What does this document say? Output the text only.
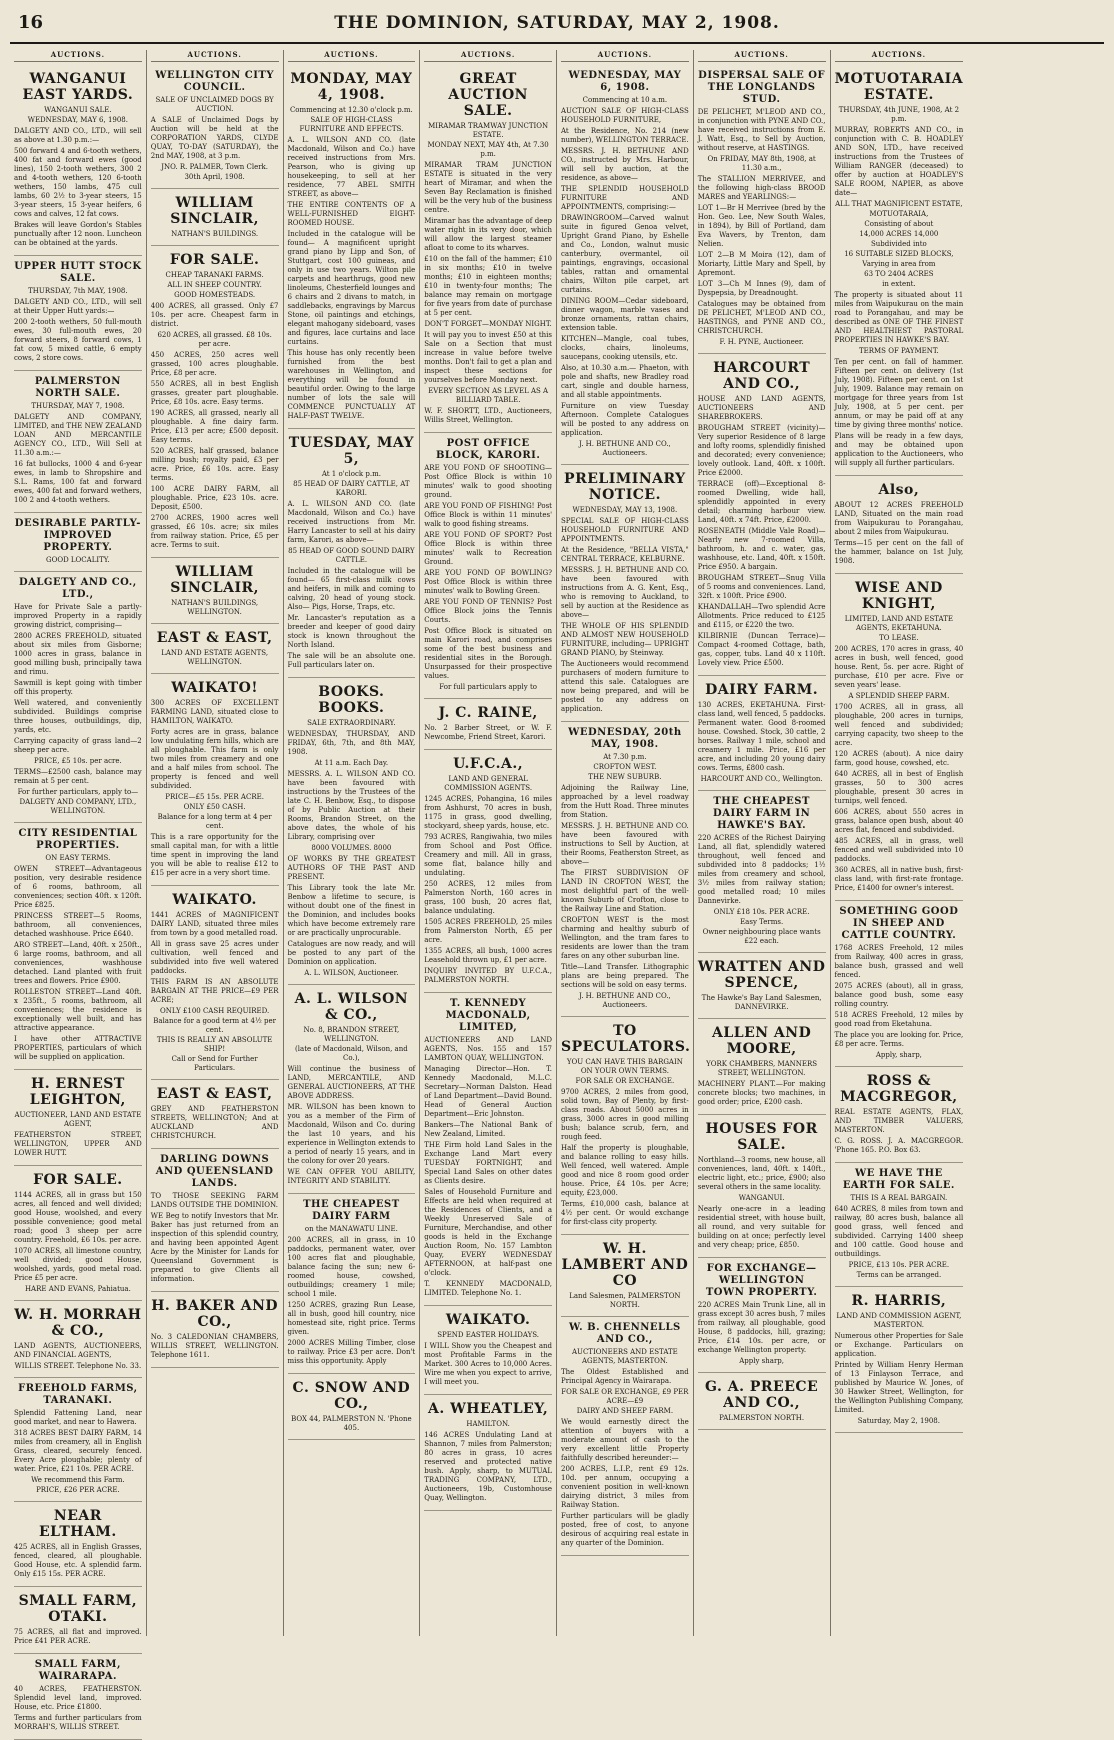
16	THE DOMINION, SATURDAY, MAY 2, 1908.
AUCTIONS.
WANGANUI EAST YARDS.
WANGANUI SALE.
WEDNESDAY, MAY 6, 1908.
DALGETY AND CO., LTD., will sell as above at 1.30 p.m.:—
500 forward 4 and 6-tooth wethers, 400 fat and forward ewes (good lines), 150 2-tooth wethers, 300 2 and 4-tooth wethers, 120 6-tooth wethers, 150 lambs, 475 cull lambs, 60 2½ to 3-year steers, 15 3-year steers, 15 3-year heifers, 6 cows and calves, 12 fat cows.
Brakes will leave Gordon's Stables punctually after 12 noon. Luncheon can be obtained at the yards.
UPPER HUTT STOCK SALE.
THURSDAY, 7th MAY, 1908.
DALGETY AND CO., LTD., will sell at their Upper Hutt yards:—
200 2-tooth wethers, 50 full-mouth ewes, 30 full-mouth ewes, 20 forward steers, 8 forward cows, 1 fat cow, 5 mixed cattle, 6 empty cows, 2 store cows.
PALMERSTON NORTH SALE.
THURSDAY, MAY 7, 1908.
DALGETY AND COMPANY, LIMITED, and THE NEW ZEALAND LOAN AND MERCANTILE AGENCY CO., LTD., Will Sell at 11.30 a.m.:—
16 fat bullocks, 1000 4 and 6-year ewes, in lamb to Shropshire and S.L. Rams, 100 fat and forward ewes, 400 fat and forward wethers, 100 2 and 4-tooth wethers.
DESIRABLE PARTLY-IMPROVED PROPERTY.
GOOD LOCALITY.
DALGETY AND CO., LTD.,
Have for Private Sale a partly-improved Property in a rapidly growing district, comprising—
2800 ACRES FREEHOLD, situated about six miles from Gisborne; 1000 acres in grass, balance in good milling bush, principally tawa and rimu.
Sawmill is kept going with timber off this property.
Well watered, and conveniently subdivided. Buildings comprise three houses, outbuildings, dip, yards, etc.
Carrying capacity of grass land—2 sheep per acre.
PRICE, £5 10s. per acre.
TERMS—£2500 cash, balance may remain at 5 per cent.
For further particulars, apply to—
DALGETY AND COMPANY, LTD., WELLINGTON.
CITY RESIDENTIAL PROPERTIES.
ON EASY TERMS.
OWEN STREET—Advantageous position, very desirable residence of 6 rooms, bathroom, all conveniences; section 40ft. x 120ft. Price £825.
PRINCESS STREET—5 Rooms, bathroom, all conveniences, detached washhouse. Price £640.
ARO STREET—Land, 40ft. x 250ft., 6 large rooms, bathroom, and all conveniences, washhouse detached. Land planted with fruit trees and flowers. Price £900.
ROLLESTON STREET—Land 40ft. x 235ft., 5 rooms, bathroom, all conveniences; the residence is exceptionally well built, and has attractive appearance.
I have other ATTRACTIVE PROPERTIES, particulars of which will be supplied on application.
H. ERNEST LEIGHTON,
AUCTIONEER, LAND AND ESTATE AGENT,
FEATHERSTON STREET, WELLINGTON, UPPER AND LOWER HUTT.
FOR SALE.
1144 ACRES, all in grass but 150 acres, all fenced and well divided; good House, woolshed, and every possible convenience; good metal road; good 3 sheep per acre country. Freehold, £6 10s. per acre.
1070 ACRES, all limestone country, well divided; good House, woolshed, yards, good metal road. Price £5 per acre.
HARE AND EVANS, Pahiatua.
W. H. MORRAH & CO.,
LAND AGENTS, AUCTIONEERS, AND FINANCIAL AGENTS,
WILLIS STREET. Telephone No. 33.
FREEHOLD FARMS, TARANAKI.
Splendid Fattening Land, near good market, and near to Hawera.
318 ACRES BEST DAIRY FARM, 14 miles from creamery, all in English Grass, cleared, securely fenced. Every Acre ploughable; plenty of water. Price, £21 10s. PER ACRE.
We recommend this Farm.
PRICE, £26 PER ACRE.
NEAR ELTHAM.
425 ACRES, all in English Grasses, fenced, cleared, all ploughable. Good House, etc. A splendid farm. Only £15 15s. PER ACRE.
SMALL FARM, OTAKI.
75 ACRES, all flat and improved. Price £41 PER ACRE.
SMALL FARM, WAIRARAPA.
40 ACRES, FEATHERSTON. Splendid level land, improved. House, etc. Price £1800.
Terms and further particulars from MORRAH'S, WILLIS STREET.
AUCTIONS.
WELLINGTON CITY COUNCIL.
SALE OF UNCLAIMED DOGS BY AUCTION.
A SALE of Unclaimed Dogs by Auction will be held at the CORPORATION YARDS, CLYDE QUAY, TO-DAY (SATURDAY), the 2nd MAY, 1908, at 3 p.m.
JNO. R. PALMER, Town Clerk.
30th April, 1908.
WILLIAM SINCLAIR,
NATHAN'S BUILDINGS.
FOR SALE.
CHEAP TARANAKI FARMS.
ALL IN SHEEP COUNTRY.
GOOD HOMESTEADS.
400 ACRES, all grassed. Only £7 10s. per acre. Cheapest farm in district.
620 ACRES, all grassed. £8 10s. per acre.
450 ACRES, 250 acres well grassed, 100 acres ploughable. Price, £8 per acre.
550 ACRES, all in best English grasses, greater part ploughable. Price, £8 10s. acre. Easy terms.
190 ACRES, all grassed, nearly all ploughable. A fine dairy farm. Price, £13 per acre; £500 deposit. Easy terms.
520 ACRES, half grassed, balance milling bush; royalty paid, £3 per acre. Price, £6 10s. acre. Easy terms.
100 ACRE DAIRY FARM, all ploughable. Price, £23 10s. acre. Deposit, £500.
2700 ACRES, 1900 acres well grassed, £6 10s. acre; six miles from railway station. Price, £5 per acre. Terms to suit.
WILLIAM SINCLAIR,
NATHAN'S BUILDINGS, WELLINGTON.
EAST & EAST,
LAND AND ESTATE AGENTS, WELLINGTON.
WAIKATO!
300 ACRES OF EXCELLENT FARMING LAND, situated close to HAMILTON, WAIKATO.
Forty acres are in grass, balance low undulating fern hills, which are all ploughable. This farm is only two miles from creamery and one and a half miles from school. The property is fenced and well subdivided.
PRICE—£5 15s. PER ACRE.
ONLY £50 CASH.
Balance for a long term at 4 per cent.
This is a rare opportunity for the small capital man, for with a little time spent in improving the land you will be able to realise £12 to £15 per acre in a very short time.
WAIKATO.
1441 ACRES of MAGNIFICENT DAIRY LAND, situated three miles from town by a good metalled road.
All in grass save 25 acres under cultivation, well fenced and subdivided into five well watered paddocks.
THIS FARM IS AN ABSOLUTE BARGAIN AT THE PRICE—£9 PER ACRE;
ONLY £100 CASH REQUIRED.
Balance for a good term at 4½ per cent.
THIS IS REALLY AN ABSOLUTE SHIP!
Call or Send for Further Particulars.
EAST & EAST,
GREY AND FEATHERSTON STREETS, WELLINGTON; And at AUCKLAND AND CHRISTCHURCH.
DARLING DOWNS AND QUEENSLAND LANDS.
TO THOSE SEEKING FARM LANDS OUTSIDE THE DOMINION.
WE Beg to notify Investors that Mr. Baker has just returned from an inspection of this splendid country, and having been appointed Agent Acre by the Minister for Lands for Queensland Government is prepared to give Clients all information.
H. BAKER AND CO.,
No. 3 CALEDONIAN CHAMBERS, WILLIS STREET, WELLINGTON. Telephone 1611.
AUCTIONS.
MONDAY, MAY 4, 1908.
Commencing at 12.30 o'clock p.m.
SALE OF HIGH-CLASS FURNITURE AND EFFECTS.
A. L. WILSON AND CO. (late Macdonald, Wilson and Co.) have received instructions from Mrs. Pearson, who is giving up housekeeping, to sell at her residence, 77 ABEL SMITH STREET, as above—
THE ENTIRE CONTENTS OF A WELL-FURNISHED EIGHT-ROOMED HOUSE.
Included in the catalogue will be found— A magnificent upright grand piano by Lipp and Son, of Stuttgart, cost 100 guineas, and only in use two years. Wilton pile carpets and hearthrugs, good new linoleums, Chesterfield lounges and 6 chairs and 2 divans to match, in saddlebacks, engravings by Marcus Stone, oil paintings and etchings, elegant mahogany sideboard, vases and figures, lace curtains and lace curtains.
This house has only recently been furnished from the best warehouses in Wellington, and everything will be found in beautiful order. Owing to the large number of lots the sale will COMMENCE PUNCTUALLY AT HALF-PAST TWELVE.
TUESDAY, MAY 5,
At 1 o'clock p.m.
85 HEAD OF DAIRY CATTLE, AT KARORI.
A. L. WILSON AND CO. (late Macdonald, Wilson and Co.) have received instructions from Mr. Harry Lancaster to sell at his dairy farm, Karori, as above—
85 HEAD OF GOOD SOUND DAIRY CATTLE.
Included in the catalogue will be found— 65 first-class milk cows and heifers, in milk and coming to calving, 20 head of young stock. Also— Pigs, Horse, Traps, etc.
Mr. Lancaster's reputation as a breeder and keeper of good dairy stock is known throughout the North Island.
The sale will be an absolute one. Full particulars later on.
BOOKS. BOOKS.
SALE EXTRAORDINARY.
WEDNESDAY, THURSDAY, AND FRIDAY, 6th, 7th, and 8th MAY, 1908.
At 11 a.m. Each Day.
MESSRS. A. L. WILSON AND CO. have been favoured with instructions by the Trustees of the late C. H. Benbow, Esq., to dispose of by Public Auction at their Rooms, Brandon Street, on the above dates, the whole of his Library, comprising over
8000 VOLUMES. 8000
OF WORKS BY THE GREATEST AUTHORS OF THE PAST AND PRESENT.
This Library took the late Mr. Benbow a lifetime to secure, is without doubt one of the finest in the Dominion, and includes books which have become extremely rare or are practically unprocurable.
Catalogues are now ready, and will be posted to any part of the Dominion on application.
A. L. WILSON, Auctioneer.
A. L. WILSON & CO.,
No. 8, BRANDON STREET, WELLINGTON.
(late of Macdonald, Wilson, and Co.),
Will continue the business of LAND, MERCANTILE, AND GENERAL AUCTIONEERS, AT THE ABOVE ADDRESS.
MR. WILSON has been known to you as a member of the Firm of Macdonald, Wilson and Co. during the last 10 years, and his experience in Wellington extends to a period of nearly 15 years, and in the colony for over 20 years.
WE CAN OFFER YOU ABILITY, INTEGRITY AND STABILITY.
THE CHEAPEST DAIRY FARM
on the MANAWATU LINE.
200 ACRES, all in grass, in 10 paddocks, permanent water, over 100 acres flat and ploughable, balance facing the sun; new 6-roomed house, cowshed, outbuildings; creamery 1 mile; school 1 mile.
1250 ACRES, grazing Run Lease, all in bush, good hill country, nice homestead site, right price. Terms given.
2000 ACRES Milling Timber, close to railway. Price £3 per acre. Don't miss this opportunity. Apply
C. SNOW AND CO.,
BOX 44, PALMERSTON N. 'Phone 405.
AUCTIONS.
GREAT AUCTION SALE.
MIRAMAR TRAMWAY JUNCTION ESTATE.
MONDAY NEXT, MAY 4th, At 7.30 p.m.
MIRAMAR TRAM JUNCTION ESTATE is situated in the very heart of Miramar, and when the Seven Bay Reclamation is finished will be the very hub of the business centre.
Miramar has the advantage of deep water right in its very door, which will allow the largest steamer afloat to come to its wharves.
£10 on the fall of the hammer; £10 in six months; £10 in twelve months; £10 in eighteen months; £10 in twenty-four months; The balance may remain on mortgage for five years from date of purchase at 5 per cent.
DON'T FORGET—MONDAY NIGHT.
It will pay you to invest £50 at this Sale on a Section that must increase in value before twelve months. Don't fail to get a plan and inspect these sections for yourselves before Monday next.
EVERY SECTION AS LEVEL AS A BILLIARD TABLE.
W. F. SHORTT, LTD., Auctioneers, Willis Street, Wellington.
POST OFFICE BLOCK, KARORI.
ARE YOU FOND OF SHOOTING— Post Office Block is within 10 minutes' walk to good shooting ground.
ARE YOU FOND OF FISHING! Post Office Block is within 11 minutes' walk to good fishing streams.
ARE YOU FOND OF SPORT? Post Office Block is within three minutes' walk to Recreation Ground.
ARE YOU FOND OF BOWLING? Post Office Block is within three minutes' walk to Bowling Green.
ARE YOU FOND OF TENNIS? Post Office Block joins the Tennis Courts.
Post Office Block is situated on main Karori road, and comprises some of the best business and residential sites in the Borough. Unsurpassed for their prospective values.
For full particulars apply to
J. C. RAINE,
No. 2 Barber Street, or W. F. Newcombe, Friend Street, Karori.
U.F.C.A.,
LAND AND GENERAL COMMISSION AGENTS.
1245 ACRES, Pohangina, 16 miles from Ashhurst, 70 acres in bush, 1175 in grass, good dwelling, stockyard, sheep yards, house, etc.
793 ACRES, Rangiwahia, two miles from School and Post Office. Creamery and mill. All in grass, some flat, balance hilly and undulating.
250 ACRES, 12 miles from Palmerston North, 160 acres in grass, 100 bush, 20 acres flat, balance undulating.
1505 ACRES FREEHOLD, 25 miles from Palmerston North, £5 per acre.
1355 ACRES, all bush, 1000 acres Leasehold thrown up, £1 per acre.
INQUIRY INVITED BY U.F.C.A., PALMERSTON NORTH.
T. KENNEDY MACDONALD, LIMITED,
AUCTIONEERS AND LAND AGENTS, Nos. 155 and 157 LAMBTON QUAY, WELLINGTON.
Managing Director—Hon. T. Kennedy Macdonald, M.L.C. Secretary—Norman Dalston. Head of Land Department—David Bound. Head of General Auction Department—Eric Johnston.
Bankers—The National Bank of New Zealand, Limited.
THE Firm hold Land Sales in the Exchange Land Mart every TUESDAY FORTNIGHT, and Special Land Sales on other dates as Clients desire.
Sales of Household Furniture and Effects are held when required at the Residences of Clients, and a Weekly Unreserved Sale of Furniture, Merchandise, and other goods is held in the Exchange Auction Room, No. 157 Lambton Quay, EVERY WEDNESDAY AFTERNOON, at half-past one o'clock.
T. KENNEDY MACDONALD, LIMITED. Telephone No. 1.
WAIKATO.
SPEND EASTER HOLIDAYS.
I WILL Show you the Cheapest and most Profitable Farms in the Market. 300 Acres to 10,000 Acres. Wire me when you expect to arrive, I will meet you.
A. WHEATLEY,
HAMILTON.
146 ACRES Undulating Land at Shannon, 7 miles from Palmerston; 80 acres in grass, 10 acres reserved and protected native bush. Apply, sharp, to MUTUAL TRADING COMPANY, LTD., Auctioneers, 19b, Customhouse Quay, Wellington.
AUCTIONS.
WEDNESDAY, MAY 6, 1908.
Commencing at 10 a.m.
AUCTION SALE OF HIGH-CLASS HOUSEHOLD FURNITURE,
At the Residence, No. 214 (new number), WELLINGTON TERRACE.
MESSRS. J. H. BETHUNE AND CO., instructed by Mrs. Harbour, will sell by auction, at the residence, as above—
THE SPLENDID HOUSEHOLD FURNITURE AND APPOINTMENTS, comprising:—
DRAWINGROOM—Carved walnut suite in figured Genoa velvet, Upright Grand Piano, by Eshelle and Co., London, walnut music canterbury, overmantel, oil paintings, engravings, occasional tables, rattan and ornamental chairs, Wilton pile carpet, art curtains.
DINING ROOM—Cedar sideboard, dinner wagon, marble vases and bronze ornaments, rattan chairs, extension table.
KITCHEN—Mangle, coal tubes, clocks, chairs, linoleums, saucepans, cooking utensils, etc.
Also, at 10.30 a.m.— Phaeton, with pole and shafts, new Bradley road cart, single and double harness, and all stable appointments.
Furniture on view Tuesday Afternoon. Complete Catalogues will be posted to any address on application.
J. H. BETHUNE AND CO., Auctioneers.
PRELIMINARY NOTICE.
WEDNESDAY, MAY 13, 1908.
SPECIAL SALE OF HIGH-CLASS HOUSEHOLD FURNITURE AND APPOINTMENTS.
At the Residence, "BELLA VISTA," CENTRAL TERRACE, KELBURNE.
MESSRS. J. H. BETHUNE AND CO. have been favoured with instructions from A. G. Kent, Esq., who is removing to Auckland, to sell by auction at the Residence as above—
THE WHOLE OF HIS SPLENDID AND ALMOST NEW HOUSEHOLD FURNITURE, including— UPRIGHT GRAND PIANO, by Steinway.
The Auctioneers would recommend purchasers of modern furniture to attend this sale. Catalogues are now being prepared, and will be posted to any address on application.
WEDNESDAY, 20th MAY, 1908.
At 7.30 p.m.
CROFTON WEST.
THE NEW SUBURB.
Adjoining the Railway Line, approached by a level roadway from the Hutt Road. Three minutes from Station.
MESSRS. J. H. BETHUNE AND CO. have been favoured with instructions to Sell by Auction, at their Rooms, Featherston Street, as above—
The FIRST SUBDIVISION OF LAND IN CROFTON WEST, the most delightful part of the well-known Suburb of Crofton, close to the Railway Line and Station.
CROFTON WEST is the most charming and healthy suburb of Wellington, and the tram fares to residents are lower than the tram fares on any other suburban line.
Title—Land Transfer. Lithographic plans are being prepared. The sections will be sold on easy terms.
J. H. BETHUNE AND CO., Auctioneers.
TO SPECULATORS.
YOU CAN HAVE THIS BARGAIN ON YOUR OWN TERMS.
FOR SALE OR EXCHANGE.
9700 ACRES, 2 miles from good, solid town, Bay of Plenty, by first-class roads. About 5000 acres in grass, 3000 acres in good milling bush; balance scrub, fern, and rough feed.
Half the property is ploughable, and balance rolling to easy hills. Well fenced, well watered. Ample good and nice 8 room good order house. Price, £4 10s. per Acre; equity, £23,000.
Terms, £10,000 cash, balance at 4½ per cent. Or would exchange for first-class city property.
W. H. LAMBERT AND CO
Land Salesmen, PALMERSTON NORTH.
W. B. CHENNELLS AND CO.,
AUCTIONEERS AND ESTATE AGENTS, MASTERTON.
The Oldest Established and Principal Agency in Wairarapa.
FOR SALE OR EXCHANGE, £9 PER ACRE—£9
DAIRY AND SHEEP FARM.
We would earnestly direct the attention of buyers with a moderate amount of cash to the very excellent little Property faithfully described hereunder:—
200 ACRES, L.I.P., rent £9 12s. 10d. per annum, occupying a convenient position in well-known dairying district, 3 miles from Railway Station.
Further particulars will be gladly posted, free of cost, to anyone desirous of acquiring real estate in any quarter of the Dominion.
AUCTIONS.
DISPERSAL SALE OF THE LONGLANDS STUD.
DE PELICHET, M'LEOD AND CO., in conjunction with PYNE AND CO., have received instructions from E. J. Watt, Esq., to Sell by Auction, without reserve, at HASTINGS.
On FRIDAY, MAY 8th, 1908, at 11.30 a.m.,
The STALLION MERRIVEE, and the following high-class BROOD MARES and YEARLINGS:—
LOT 1—Br H Merrivee (bred by the Hon. Geo. Lee, New South Wales, in 1894), by Bill of Portland, dam Eva Wavers, by Trenton, dam Nelien.
LOT 2—B M Moira (12), dam of Moriarty, Little Mary and Spell, by Apremont.
LOT 3—Ch M Innes (9), dam of Dyspepsia, by Dreadnought.
Catalogues may be obtained from DE PELICHET, M'LEOD AND CO., HASTINGS, and PYNE AND CO., CHRISTCHURCH.
F. H. PYNE, Auctioneer.
HARCOURT AND CO.,
HOUSE AND LAND AGENTS, AUCTIONEERS AND SHAREBROKERS.
BROUGHAM STREET (vicinity)—Very superior Residence of 8 large and lofty rooms, splendidly finished and decorated; every convenience; lovely outlook. Land, 40ft. x 100ft. Price £2000.
TERRACE (off)—Exceptional 8-roomed Dwelling, wide hall, splendidly appointed in every detail; charming harbour view. Land, 40ft. x 74ft. Price, £2000.
ROSENEATH (Middle Vale Road)—Nearly new 7-roomed Villa, bathroom, h. and c. water, gas, washhouse, etc. Land, 40ft. x 150ft. Price £950. A bargain.
BROUGHAM STREET—Snug Villa of 5 rooms and conveniences. Land, 32ft. x 100ft. Price £900.
KHANDALLAH—Two splendid Acre Allotments. Price reduced to £125 and £115, or £220 the two.
KILBIRNIE (Duncan Terrace)—Compact 4-roomed Cottage, bath, gas, copper, tubs. Land 40 x 110ft. Lovely view. Price £500.
DAIRY FARM.
130 ACRES, EKETAHUNA. First-class land, well fenced, 5 paddocks. Permanent water. Good 8-roomed house. Cowshed. Stock, 30 cattle, 2 horses. Railway 1 mile, school and creamery 1 mile. Price, £16 per acre, and including 20 young dairy cows. Terms, £800 cash.
HARCOURT AND CO., Wellington.
THE CHEAPEST DAIRY FARM IN HAWKE'S BAY.
220 ACRES of the Richest Dairying Land, all flat, splendidly watered throughout, well fenced and subdivided into 8 paddocks; 1½ miles from creamery and school, 3½ miles from railway station; good metalled road; 10 miles Dannevirke.
ONLY £18 10s. PER ACRE.
Easy Terms.
Owner neighbouring place wants £22 each.
WRATTEN AND SPENCE,
The Hawke's Bay Land Salesmen, DANNEVIRKE.
ALLEN AND MOORE,
YORK CHAMBERS, MANNERS STREET, WELLINGTON.
MACHINERY PLANT.—For making concrete blocks; two machines, in good order; price, £200 cash.
HOUSES FOR SALE.
Northland—3 rooms, new house, all conveniences, land, 40ft. x 140ft., electric light, etc.; price, £900; also several others in the same locality.
WANGANUI.
Nearly one-acre in a leading residential street, with house built, all round, and very suitable for building on at once; perfectly level and very cheap; price, £850.
FOR EXCHANGE—WELLINGTON TOWN PROPERTY.
220 ACRES Main Trunk Line, all in grass except 30 acres bush, 7 miles from railway, all ploughable, good House, 8 paddocks, hill, grazing; Price, £14 10s. per acre, or exchange Wellington property.
Apply sharp,
G. A. PREECE AND CO.,
PALMERSTON NORTH.
AUCTIONS.
MOTUOTARAIA ESTATE.
THURSDAY, 4th JUNE, 1908, At 2 p.m.
MURRAY, ROBERTS AND CO., in conjunction with C. B. HOADLEY AND SON, LTD., have received instructions from the Trustees of William RANGER (deceased) to offer by auction at HOADLEY'S SALE ROOM, NAPIER, as above date—
ALL THAT MAGNIFICENT ESTATE,
MOTUOTARAIA,
Consisting of about
14,000 ACRES 14,000
Subdivided into
16 SUITABLE SIZED BLOCKS,
Varying in area from
63 TO 2404 ACRES
in extent.
The property is situated about 11 miles from Waipukurau on the main road to Porangahau, and may be described as ONE OF THE FINEST AND HEALTHIEST PASTORAL PROPERTIES IN HAWKE'S BAY.
TERMS OF PAYMENT.
Ten per cent. on fall of hammer. Fifteen per cent. on delivery (1st July, 1908). Fifteen per cent. on 1st July, 1909. Balance may remain on mortgage for three years from 1st July, 1908, at 5 per cent. per annum, or may be paid off at any time by giving three months' notice.
Plans will be ready in a few days, and may be obtained upon application to the Auctioneers, who will supply all further particulars.
Also,
ABOUT 12 ACRES FREEHOLD LAND, Situated on the main road from Waipukurau to Porangahau, about 2 miles from Waipukurau.
Terms—15 per cent on the fall of the hammer, balance on 1st July, 1908.
WISE AND KNIGHT,
LIMITED, LAND AND ESTATE AGENTS, EKETAHUNA.
TO LEASE.
200 ACRES, 170 acres in grass, 40 acres in bush, well fenced, good house. Rent, 5s. per acre. Right of purchase, £10 per acre. Five or seven years' lease.
A SPLENDID SHEEP FARM.
1700 ACRES, all in grass, all ploughable, 200 acres in turnips, well fenced and subdivided; carrying capacity, two sheep to the acre.
120 ACRES (about). A nice dairy farm, good house, cowshed, etc.
640 ACRES, all in best of English grasses, 50 to 300 acres ploughable, present 30 acres in turnips, well fenced.
606 ACRES, about 550 acres in grass, balance open bush, about 40 acres flat, fenced and subdivided.
485 ACRES, all in grass, well fenced and well subdivided into 10 paddocks.
360 ACRES, all in native bush, first-class land, with first-rate frontage. Price, £1400 for owner's interest.
SOMETHING GOOD IN SHEEP AND CATTLE COUNTRY.
1768 ACRES Freehold, 12 miles from Railway, 400 acres in grass, balance bush, grassed and well fenced.
2075 ACRES (about), all in grass, balance good bush, some easy rolling country.
518 ACRES Freehold, 12 miles by good road from Eketahuna.
The place you are looking for. Price, £8 per acre. Terms.
Apply, sharp,
ROSS & MACGREGOR,
REAL ESTATE AGENTS, FLAX, AND TIMBER VALUERS, MASTERTON.
C. G. ROSS. J. A. MACGREGOR. 'Phone 165. P.O. Box 63.
WE HAVE THE EARTH FOR SALE.
THIS IS A REAL BARGAIN.
640 ACRES, 8 miles from town and railway, 80 acres bush, balance all good grass, well fenced and subdivided. Carrying 1400 sheep and 100 cattle. Good house and outbuildings.
PRICE, £13 10s. PER ACRE.
Terms can be arranged.
R. HARRIS,
LAND AND COMMISSION AGENT, MASTERTON.
Numerous other Properties for Sale or Exchange. Particulars on application.
Printed by William Henry Herman of 13 Finlayson Terrace, and published by Maurice W. Jones, of 30 Hawker Street, Wellington, for the Wellington Publishing Company, Limited.
Saturday, May 2, 1908.
